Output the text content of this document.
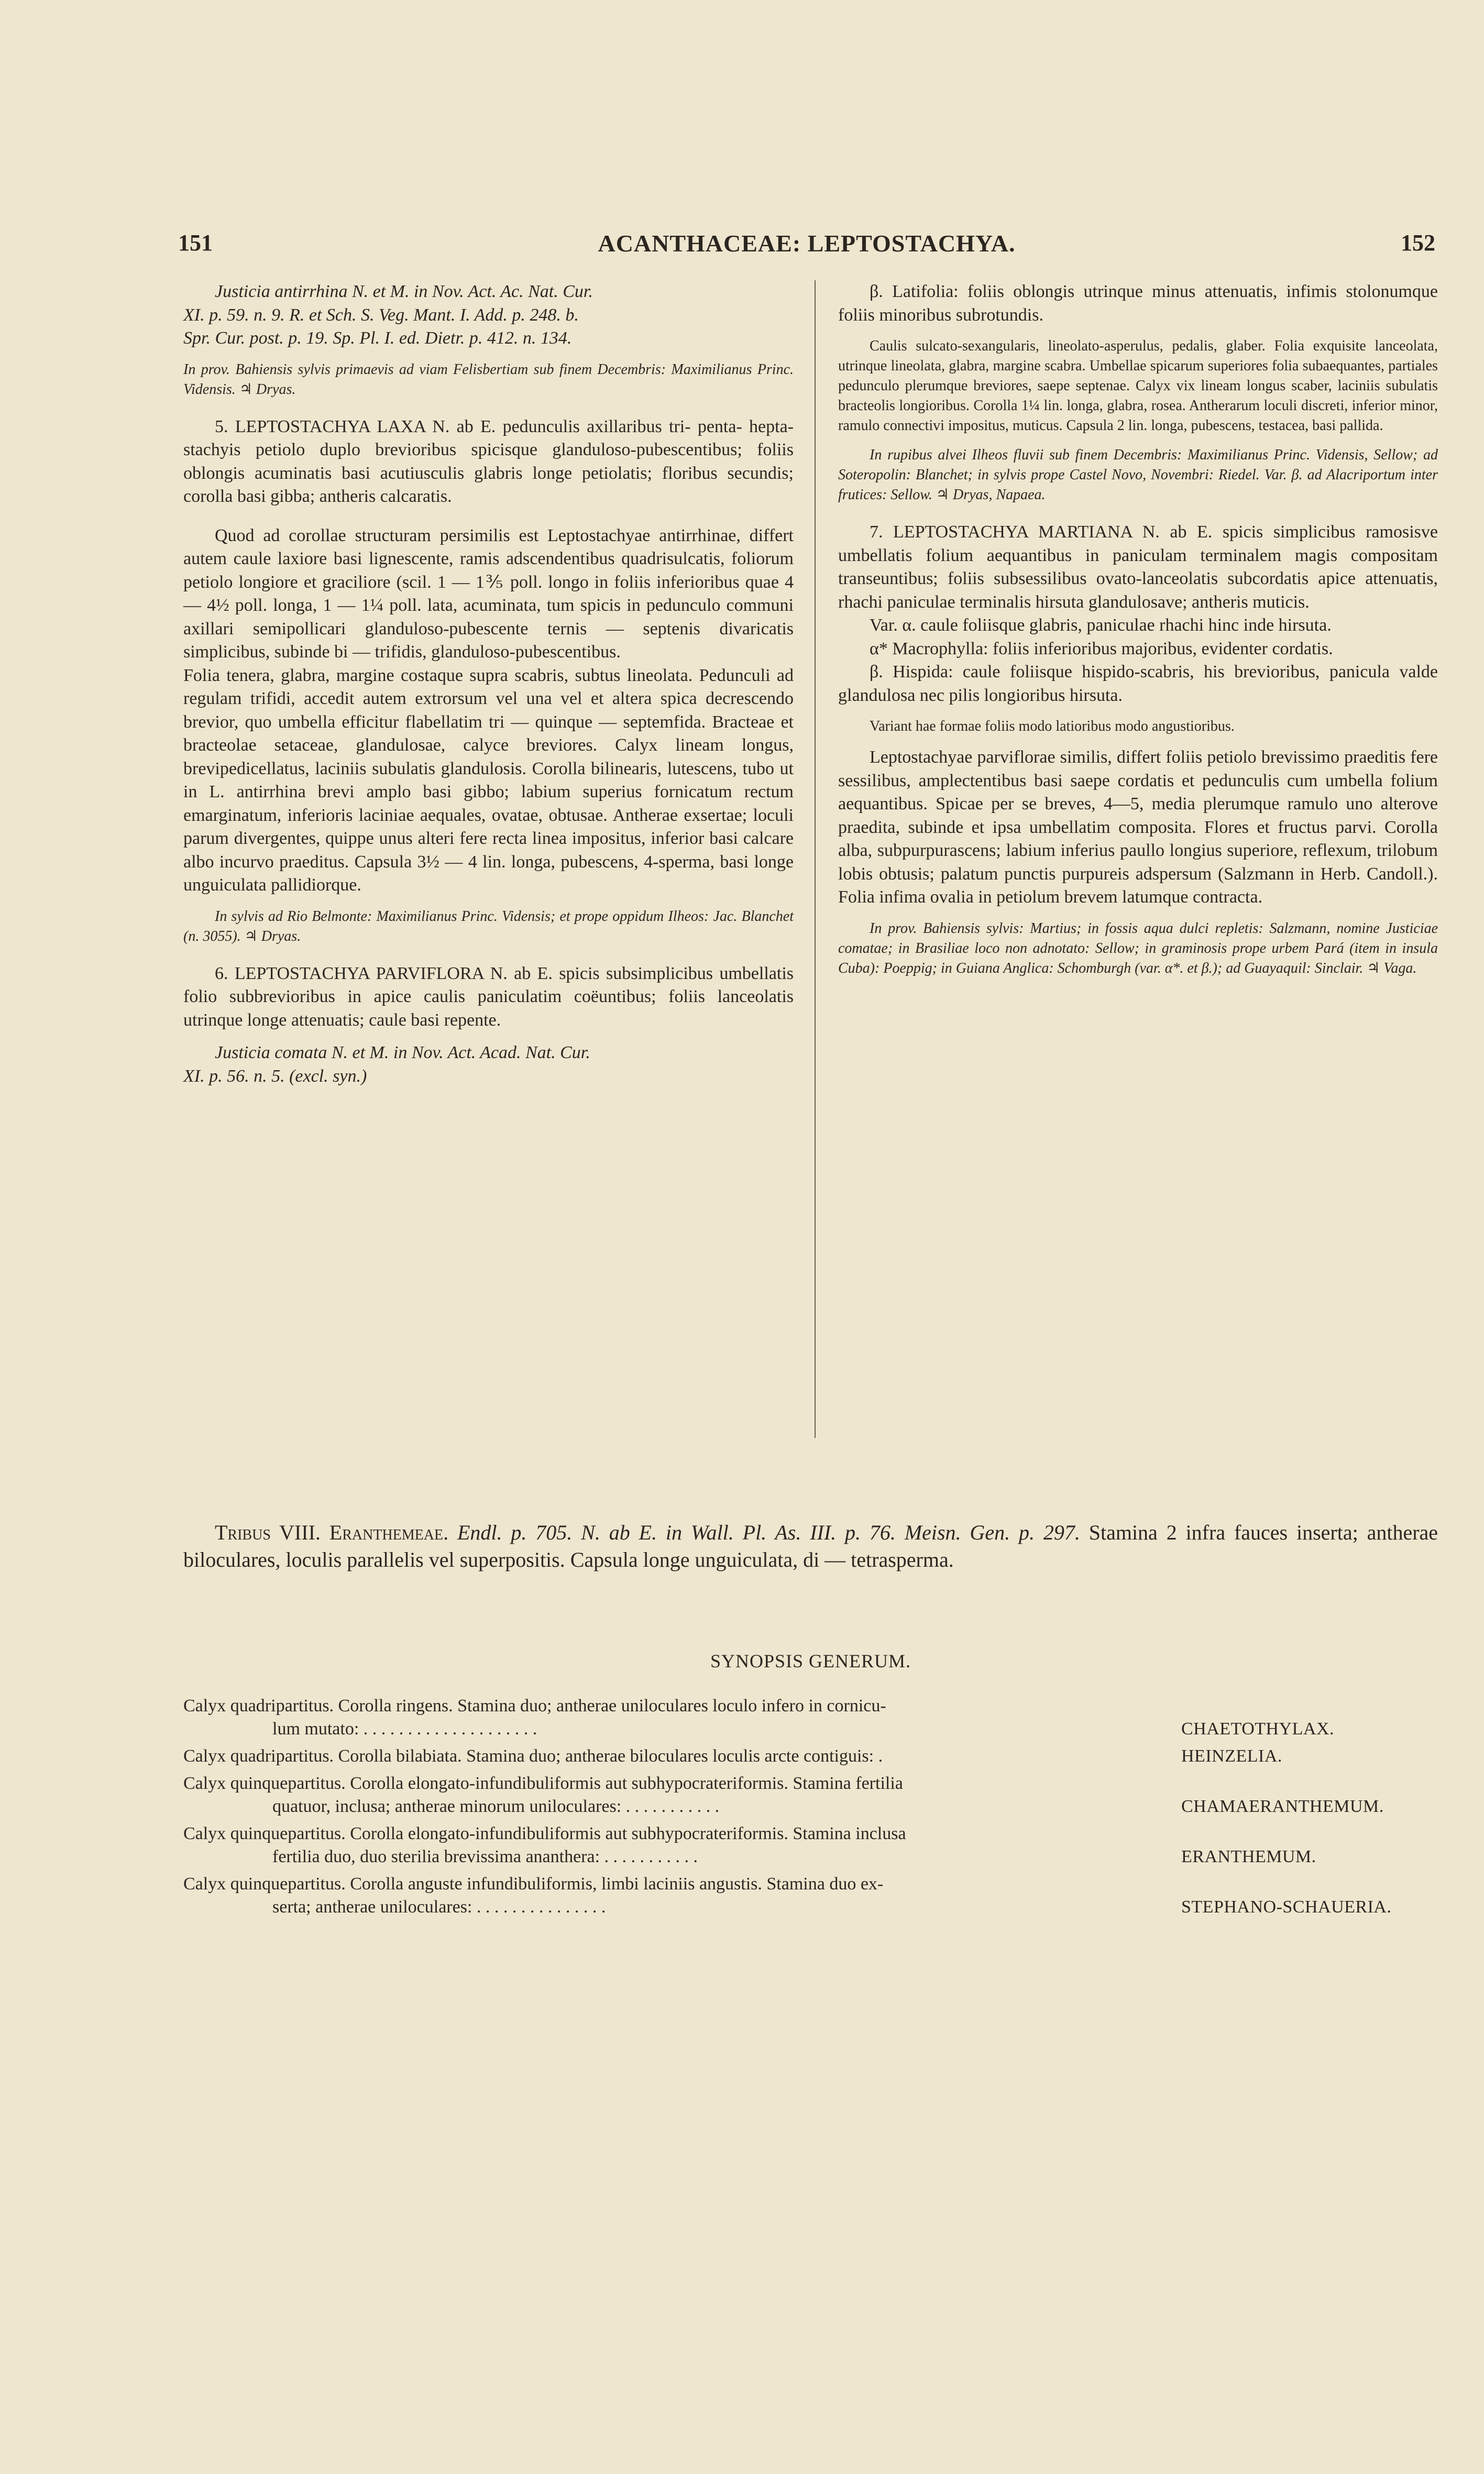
151	ACANTHACEAE: LEPTOSTACHYA.	152

Justicia antirrhina N. et M. in Nov. Act. Ac. Nat. Cur.

XI. p. 59. n. 9. R. et Sch. S. Veg. Mant. I. Add. p. 248. b.

Spr. Cur. post. p. 19. Sp. Pl. I. ed. Dietr. p. 412. n. 134.

In prov. Bahiensis sylvis primaevis ad viam Felisbertiam sub finem Decembris: Maximilianus Princ. Vidensis. ♃ Dryas.

5. LEPTOSTACHYA LAXA N. ab E. pedunculis axillaribus tri- penta- hepta-stachyis petiolo duplo brevioribus spicisque glanduloso-pubescentibus; foliis oblongis acuminatis basi acutiusculis glabris longe petiolatis; floribus secundis; corolla basi gibba; antheris calcaratis.

Quod ad corollae structuram persimilis est Leptostachyae antirrhinae, differt autem caule laxiore basi lignescente, ramis adscendentibus quadrisulcatis, foliorum petiolo longiore et graciliore (scil. 1 — 1⅗ poll. longo in foliis inferioribus quae 4 — 4½ poll. longa, 1 — 1¼ poll. lata, acuminata, tum spicis in pedunculo communi axillari semipollicari glanduloso-pubescente ternis — septenis divaricatis simplicibus, subinde bi — trifidis, glanduloso-pubescentibus.

Folia tenera, glabra, margine costaque supra scabris, subtus lineolata. Pedunculi ad regulam trifidi, accedit autem extrorsum vel una vel et altera spica decrescendo brevior, quo umbella efficitur flabellatim tri — quinque — septemfida. Bracteae et bracteolae setaceae, glandulosae, calyce breviores. Calyx lineam longus, brevipedicellatus, laciniis subulatis glandulosis. Corolla bilinearis, lutescens, tubo ut in L. antirrhina brevi amplo basi gibbo; labium superius fornicatum rectum emarginatum, inferioris laciniae aequales, ovatae, obtusae. Antherae exsertae; loculi parum divergentes, quippe unus alteri fere recta linea impositus, inferior basi calcare albo incurvo praeditus. Capsula 3½ — 4 lin. longa, pubescens, 4-sperma, basi longe unguiculata pallidiorque.

In sylvis ad Rio Belmonte: Maximilianus Princ. Vidensis; et prope oppidum Ilheos: Jac. Blanchet (n. 3055). ♃ Dryas.

6. LEPTOSTACHYA PARVIFLORA N. ab E. spicis subsimplicibus umbellatis folio subbrevioribus in apice caulis paniculatim coëuntibus; foliis lanceolatis utrinque longe attenuatis; caule basi repente.

Justicia comata N. et M. in Nov. Act. Acad. Nat. Cur.

XI. p. 56. n. 5. (excl. syn.)

β. Latifolia: foliis oblongis utrinque minus attenuatis, infimis stolonumque foliis minoribus subrotundis.

Caulis sulcato-sexangularis, lineolato-asperulus, pedalis, glaber. Folia exquisite lanceolata, utrinque lineolata, glabra, margine scabra. Umbellae spicarum superiores folia subaequantes, partiales pedunculo plerumque breviores, saepe septenae. Calyx vix lineam longus scaber, laciniis subulatis bracteolis longioribus. Corolla 1¼ lin. longa, glabra, rosea. Antherarum loculi discreti, inferior minor, ramulo connectivi impositus, muticus. Capsula 2 lin. longa, pubescens, testacea, basi pallida.

In rupibus alvei Ilheos fluvii sub finem Decembris: Maximilianus Princ. Vidensis, Sellow; ad Soteropolin: Blanchet; in sylvis prope Castel Novo, Novembri: Riedel. Var. β. ad Alacriportum inter frutices: Sellow. ♃ Dryas, Napaea.

7. LEPTOSTACHYA MARTIANA N. ab E. spicis simplicibus ramosisve umbellatis folium aequantibus in paniculam terminalem magis compositam transeuntibus; foliis subsessilibus ovato-lanceolatis subcordatis apice attenuatis, rhachi paniculae terminalis hirsuta glandulosave; antheris muticis.

Var. α. caule foliisque glabris, paniculae rhachi hinc inde hirsuta.

α* Macrophylla: foliis inferioribus majoribus, evidenter cordatis.

β. Hispida: caule foliisque hispido-scabris, his brevioribus, panicula valde glandulosa nec pilis longioribus hirsuta.

Variant hae formae foliis modo latioribus modo angustioribus.

Leptostachyae parviflorae similis, differt foliis petiolo brevissimo praeditis fere sessilibus, amplectentibus basi saepe cordatis et pedunculis cum umbella folium aequantibus. Spicae per se breves, 4—5, media plerumque ramulo uno alterove praedita, subinde et ipsa umbellatim composita. Flores et fructus parvi. Corolla alba, subpurpurascens; labium inferius paullo longius superiore, reflexum, trilobum lobis obtusis; palatum punctis purpureis adspersum (Salzmann in Herb. Candoll.). Folia infima ovalia in petiolum brevem latumque contracta.

In prov. Bahiensis sylvis: Martius; in fossis aqua dulci repletis: Salzmann, nomine Justiciae comatae; in Brasiliae loco non adnotato: Sellow; in graminosis prope urbem Pará (item in insula Cuba): Poeppig; in Guiana Anglica: Schomburgh (var. α*. et β.); ad Guayaquil: Sinclair. ♃ Vaga.

Tribus VIII. Eranthemeae. Endl. p. 705. N. ab E. in Wall. Pl. As. III. p. 76. Meisn. Gen. p. 297. Stamina 2 infra fauces inserta; antherae biloculares, loculis parallelis vel superpositis. Capsula longe unguiculata, di — tetrasperma.

SYNOPSIS GENERUM.
Calyx quadripartitus. Corolla ringens. Stamina duo; antherae uniloculares loculo infero in cornicu-
lum mutato: . . . . . . . . . . . . . . . . . . . .	CHAETOTHYLAX.
Calyx quadripartitus. Corolla bilabiata. Stamina duo; antherae biloculares loculis arcte contiguis: .	HEINZELIA.
Calyx quinquepartitus. Corolla elongato-infundibuliformis aut subhypocrateriformis. Stamina fertilia
quatuor, inclusa; antherae minorum uniloculares: . . . . . . . . . . .	CHAMAERANTHEMUM.
Calyx quinquepartitus. Corolla elongato-infundibuliformis aut subhypocrateriformis. Stamina inclusa
fertilia duo, duo sterilia brevissima anantherа: . . . . . . . . . . .	ERANTHEMUM.
Calyx quinquepartitus. Corolla anguste infundibuliformis, limbi laciniis angustis. Stamina duo ex-
serta; antherae uniloculares: . . . . . . . . . . . . . . .	STEPHANO-SCHAUERIA.
